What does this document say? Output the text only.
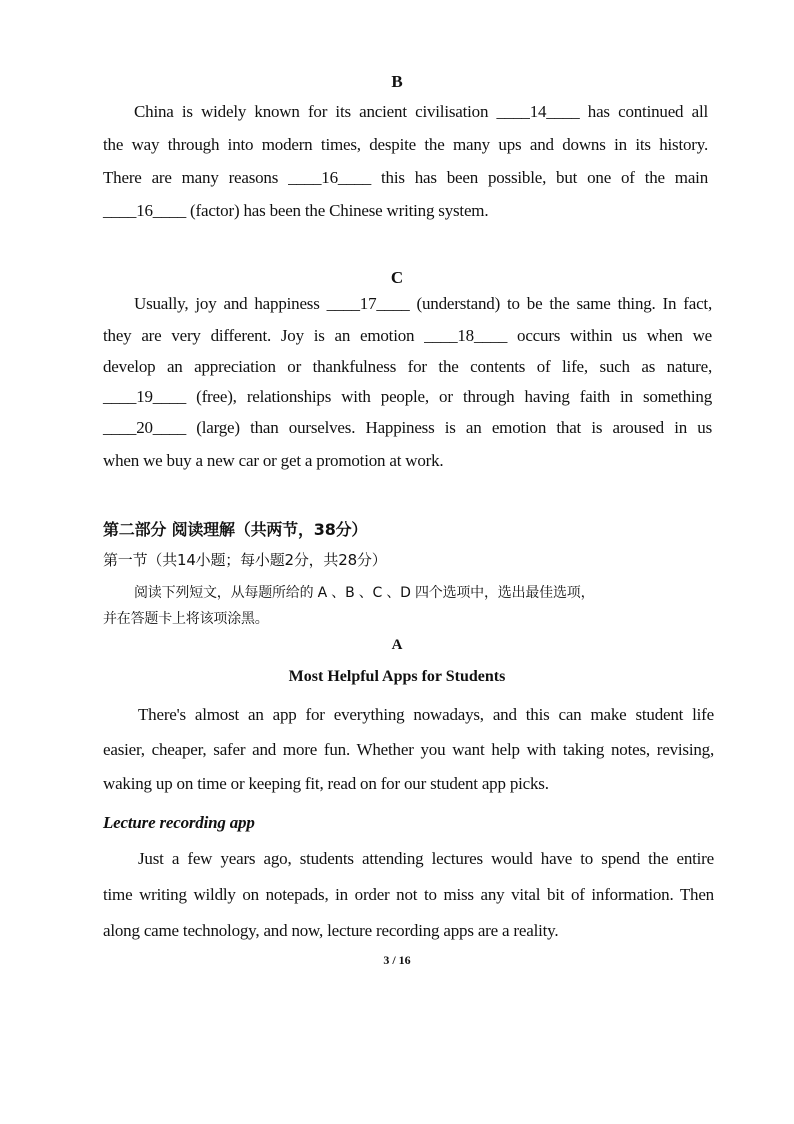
B
China is widely known for its ancient civilisation ____14____ has continued all
the way through into modern times, despite the many ups and downs in its history.
There are many reasons ____16____ this has been possible, but one of the main
____16____ (factor) has been the Chinese writing system.
C
Usually, joy and happiness ____17____ (understand) to be the same thing. In fact,
they are very different. Joy is an emotion ____18____ occurs within us when we
develop an appreciation or thankfulness for the contents of life, such as nature,
____19____ (free), relationships with people, or through having faith in something
____20____ (large) than ourselves. Happiness is an emotion that is aroused in us
when we buy a new car or get a promotion at work.
第二部分 阅读理解（共两节，38分）
第一节（共14小题；每小题2分，共28分）
阅读下列短文，从每题所给的 A 、B 、C 、D 四个选项中，选出最佳选项，
并在答题卡上将该项涂黑。
A
Most Helpful Apps for Students
There's almost an app for everything nowadays, and this can make student life
easier, cheaper, safer and more fun. Whether you want help with taking notes, revising,
waking up on time or keeping fit, read on for our student app picks.
Lecture recording app
Just a few years ago, students attending lectures would have to spend the entire
time writing wildly on notepads, in order not to miss any vital bit of information. Then
along came technology, and now, lecture recording apps are a reality.
3 / 16
